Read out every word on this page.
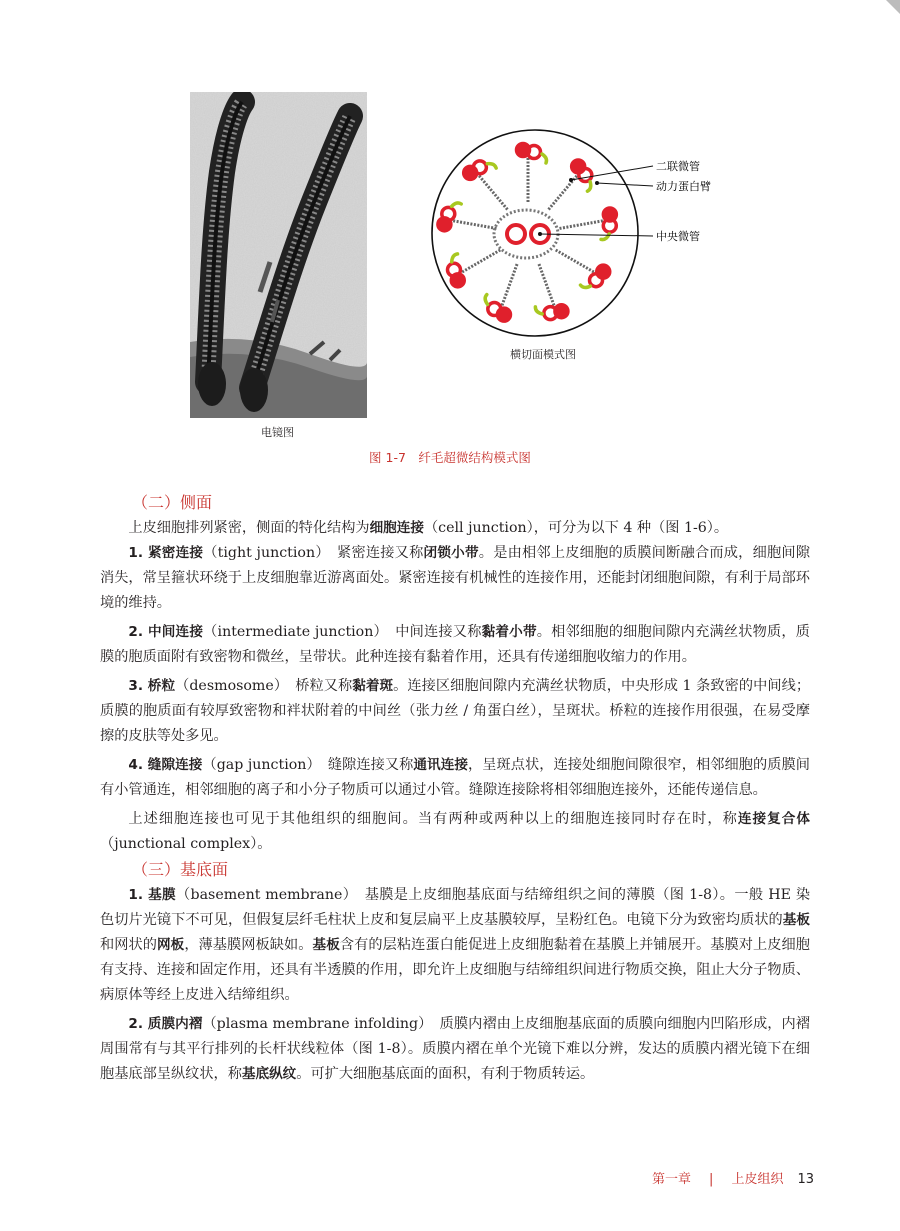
电镜图
二联微管
动力蛋白臂
中央微管
横切面模式图
图 1-7　纤毛超微结构模式图
（二）侧面

上皮细胞排列紧密，侧面的特化结构为细胞连接（cell junction），可分为以下 4 种（图 1-6）。

1. 紧密连接（tight junction）　紧密连接又称闭锁小带。是由相邻上皮细胞的质膜间断融合而成，细胞间隙消失，常呈箍状环绕于上皮细胞靠近游离面处。紧密连接有机械性的连接作用，还能封闭细胞间隙，有利于局部环境的维持。

2. 中间连接（intermediate junction）　中间连接又称黏着小带。相邻细胞的细胞间隙内充满丝状物质，质膜的胞质面附有致密物和微丝，呈带状。此种连接有黏着作用，还具有传递细胞收缩力的作用。

3. 桥粒（desmosome）　桥粒又称黏着斑。连接区细胞间隙内充满丝状物质，中央形成 1 条致密的中间线；质膜的胞质面有较厚致密物和袢状附着的中间丝（张力丝 / 角蛋白丝），呈斑状。桥粒的连接作用很强，在易受摩擦的皮肤等处多见。

4. 缝隙连接（gap junction）　缝隙连接又称通讯连接，呈斑点状，连接处细胞间隙很窄，相邻细胞的质膜间有小管通连，相邻细胞的离子和小分子物质可以通过小管。缝隙连接除将相邻细胞连接外，还能传递信息。

上述细胞连接也可见于其他组织的细胞间。当有两种或两种以上的细胞连接同时存在时，称连接复合体（junctional complex）。

（三）基底面

1. 基膜（basement membrane）　基膜是上皮细胞基底面与结缔组织之间的薄膜（图 1-8）。一般 HE 染色切片光镜下不可见，但假复层纤毛柱状上皮和复层扁平上皮基膜较厚，呈粉红色。电镜下分为致密均质状的基板和网状的网板，薄基膜网板缺如。基板含有的层粘连蛋白能促进上皮细胞黏着在基膜上并铺展开。基膜对上皮细胞有支持、连接和固定作用，还具有半透膜的作用，即允许上皮细胞与结缔组织间进行物质交换，阻止大分子物质、病原体等经上皮进入结缔组织。

2. 质膜内褶（plasma membrane infolding）　质膜内褶由上皮细胞基底面的质膜向细胞内凹陷形成，内褶周围常有与其平行排列的长杆状线粒体（图 1-8）。质膜内褶在单个光镜下难以分辨，发达的质膜内褶光镜下在细胞基底部呈纵纹状，称基底纵纹。可扩大细胞基底面的面积，有利于物质转运。

第一章 | 上皮组织 13
